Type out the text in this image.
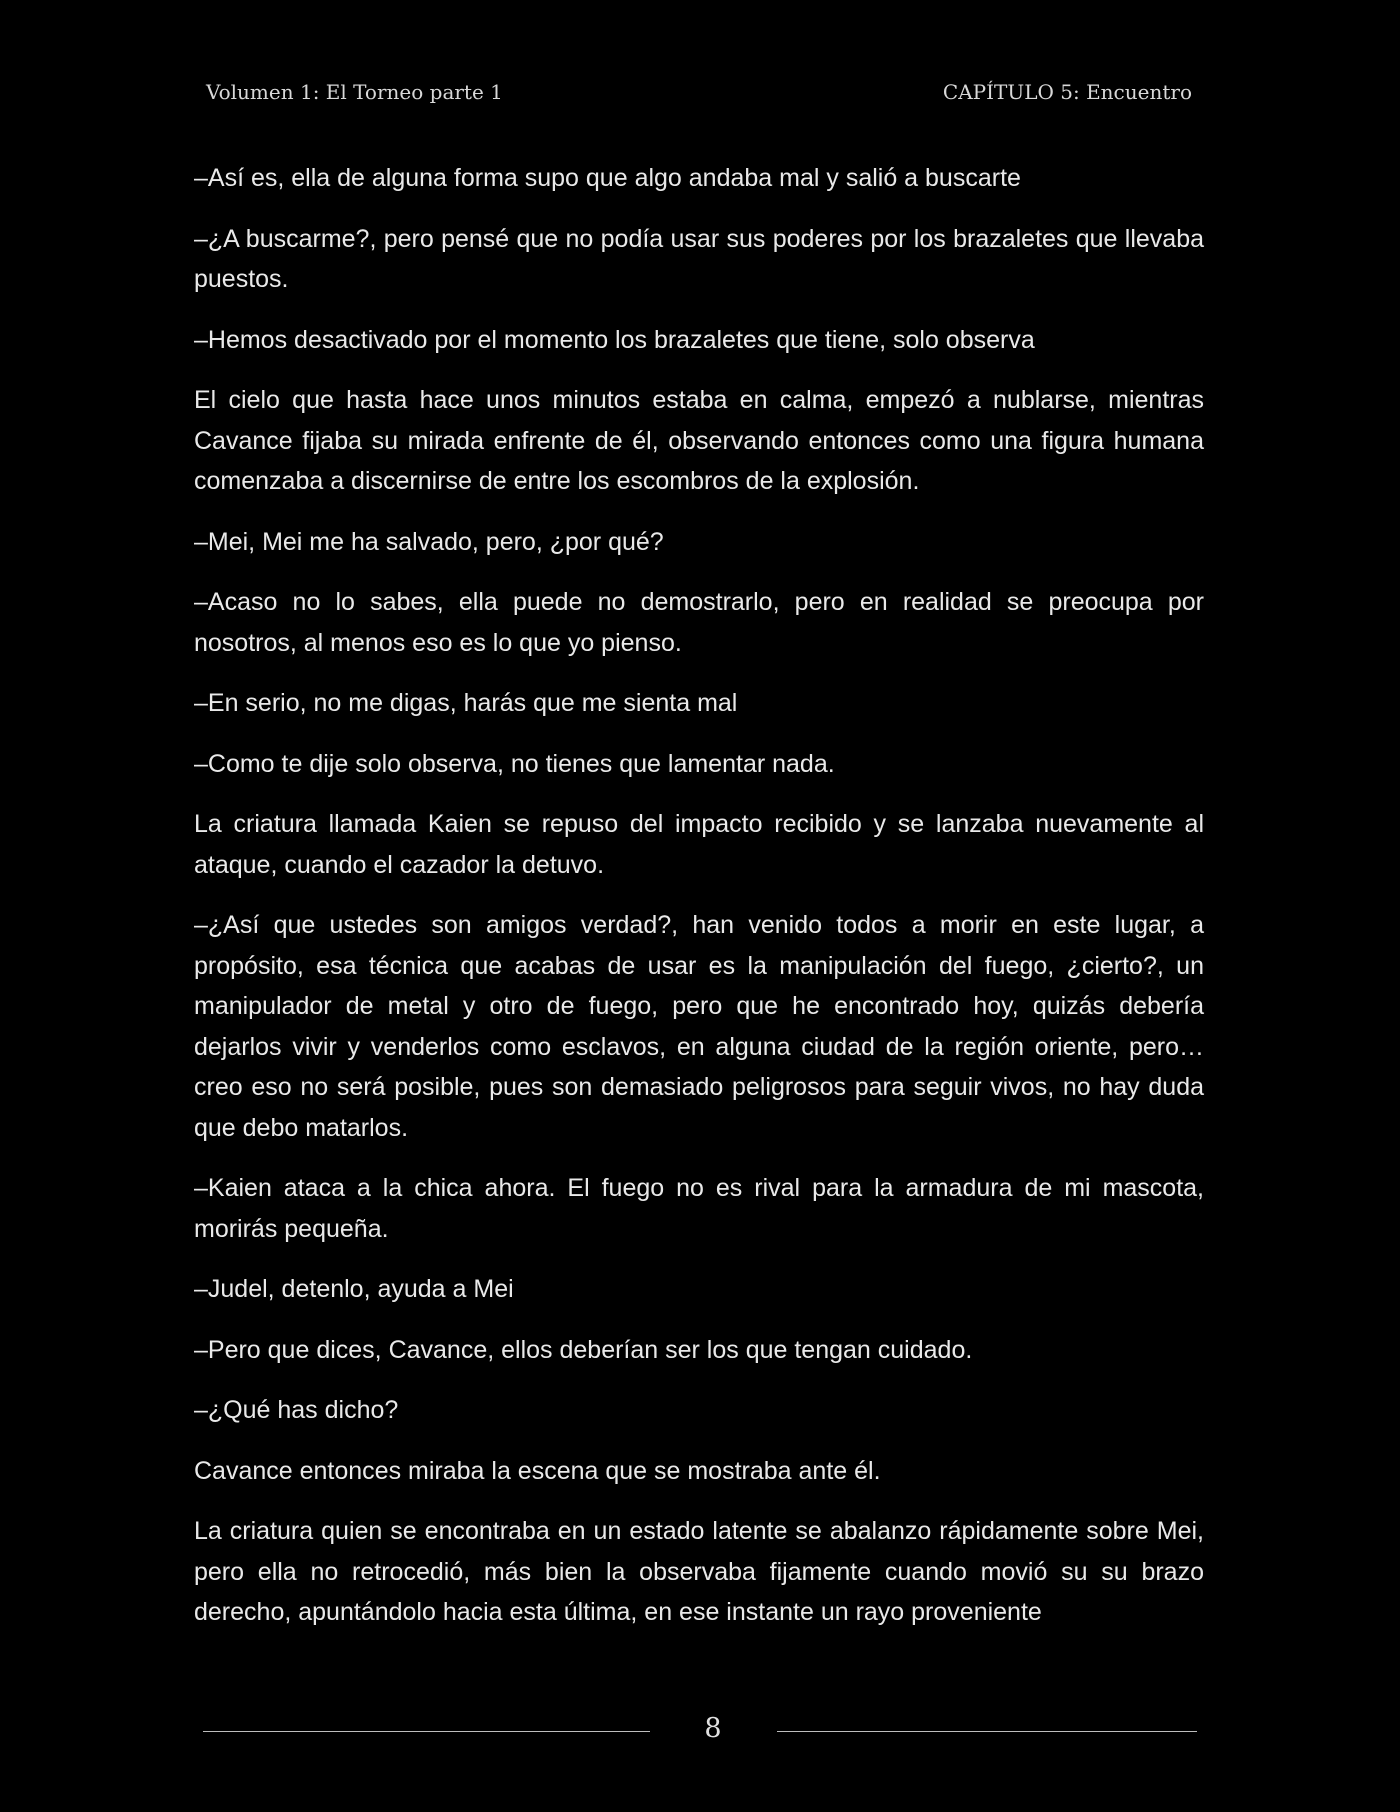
Volumen 1: El Torneo parte 1	CAPÍTULO 5: Encuentro

–Así es, ella de alguna forma supo que algo andaba mal y salió a buscarte

–¿A buscarme?, pero pensé que no podía usar sus poderes por los brazaletes que llevaba puestos.

–Hemos desactivado por el momento los brazaletes que tiene, solo observa

El cielo que hasta hace unos minutos estaba en calma, empezó a nublarse, mientras Cavance fijaba su mirada enfrente de él, observando entonces como una figura humana comenzaba a discernirse de entre los escombros de la explosión.

–Mei, Mei me ha salvado, pero, ¿por qué?

–Acaso no lo sabes, ella puede no demostrarlo, pero en realidad se preocupa por nosotros, al menos eso es lo que yo pienso.

–En serio, no me digas, harás que me sienta mal

–Como te dije solo observa, no tienes que lamentar nada.

La criatura llamada Kaien se repuso del impacto recibido y se lanzaba nuevamente al ataque, cuando el cazador la detuvo.

–¿Así que ustedes son amigos verdad?, han venido todos a morir en este lugar, a propósito, esa técnica que acabas de usar es la manipulación del fuego, ¿cierto?, un manipulador de metal y otro de fuego, pero que he encontrado hoy, quizás debería dejarlos vivir y venderlos como esclavos, en alguna ciudad de la región oriente, pero… creo eso no será posible, pues son demasiado peligrosos para seguir vivos, no hay duda que debo matarlos.

–Kaien ataca a la chica ahora. El fuego no es rival para la armadura de mi mascota, morirás pequeña.

–Judel, detenlo, ayuda a Mei

–Pero que dices, Cavance, ellos deberían ser los que tengan cuidado.

–¿Qué has dicho?

Cavance entonces miraba la escena que se mostraba ante él.

La criatura quien se encontraba en un estado latente se abalanzo rápidamente sobre Mei, pero ella no retrocedió, más bien la observaba fijamente cuando movió su su brazo derecho, apuntándolo hacia esta última, en ese instante un rayo proveniente

8
